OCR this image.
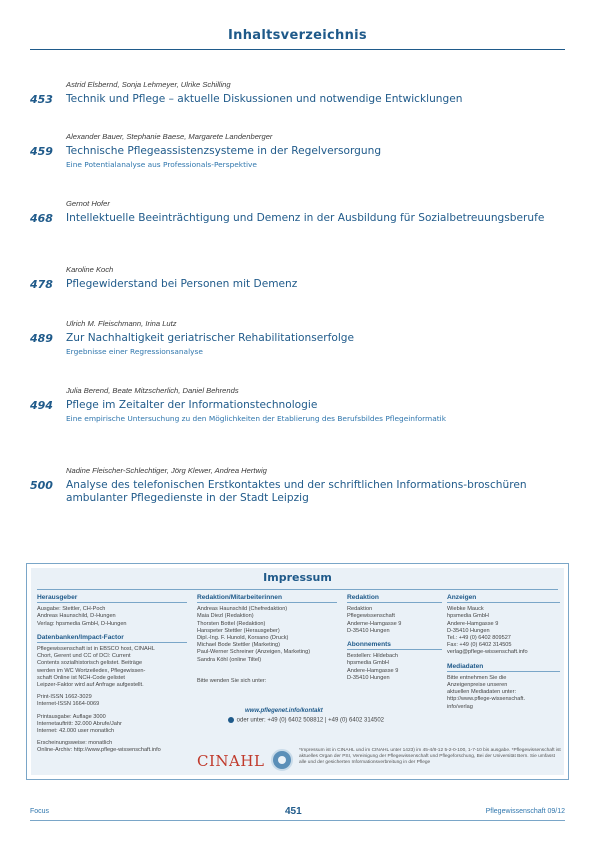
Inhaltsverzeichnis
Astrid Elsbernd, Sonja Lehmeyer, Ulrike Schilling
453	Technik und Pflege – aktuelle Diskussionen und notwendige Entwicklungen
Alexander Bauer, Stephanie Baese, Margarete Landenberger
459	Technische Pflegeassistenzsysteme in der Regelversorgung
Eine Potentialanalyse aus Professionals-Perspektive
Gernot Hofer
468	Intellektuelle Beeinträchtigung und Demenz in der Ausbildung für Sozialbetreuungsberufe
Karoline Koch
478	Pflegewiderstand bei Personen mit Demenz
Ulrich M. Fleischmann, Irina Lutz
489	Zur Nachhaltigkeit geriatrischer Rehabilitationserfolge
Ergebnisse einer Regressionsanalyse
Julia Berend, Beate Mitzscherlich, Daniel Behrends
494	Pflege im Zeitalter der Informationstechnologie
Eine empirische Untersuchung zu den Möglichkeiten der Etablierung des Berufsbildes Pflegeinformatik
Nadine Fleischer-Schlechtiger, Jörg Klewer, Andrea Hertwig
500	Analyse des telefonischen Erstkontaktes und der schriftlichen Informations-broschüren ambulanter Pflegedienste in der Stadt Leipzig
Impressum
Herausgeber

Ausgabe: Stettler, CH-Poch

Andreas Haunschild, D-Hungen

Verlag: hpsmedia GmbH, D-Hungen

Datenbanken/Impact-Factor

Pflegewissenschaft ist in EBSCO host, CINAHL

Chort, Gerent und CC of DCI: Current

Contents sozialhistorisch gelistet. Beiträge

werden im WC Wortzeiledex, Pflegewissen-

schaft Online ist NCH-Code gelistet

Leipzer-Faktor wird auf Anfrage aufgestellt.

Print-ISSN 1662-3029

Internet-ISSN 1664-0069

Printausgabe: Auflage 3000

Internetauftritt: 32.000 Abrufe/Jahr

Internet: 42.000 user monatlich

Erscheinungsweise: monatlich

Online-Archiv: http://www.pflege-wissenschaft.info

Redaktion/Mitarbeiterinnen

Andreas Haunschild (Chefredaktion)

Maia Diezl (Redaktion)

Thorsten Bottel (Redaktion)

Hanspeter Stettler (Herausgeber)

Dipl.-Ing. F. Hunold, Korsano (Druck)

Michael Bode Stettler (Marketing)

Paul-Werner Schreiner (Anzeigen, Marketing)

Sandra Köhl (online Tiltel)

Bitte wenden Sie sich unter:

Redaktion

Redaktion

Pflegewissenschaft

Anderne-Hamgasse 9

D-35410 Hungen

Abonnements

Bestellen: Hildebach

hpsmedia GmbH

Andere-Hamgasse 9

D-35410 Hungen

Anzeigen

Wiebke Mauck

hpsmedia GmbH

Andere-Hamgasse 9

D-35410 Hungen

Tel.: +49 (0) 6402 809527

Fax: +49 (0) 6402 314505

verlag@pflege-wissenschaft.info

Mediadaten

Bitte entnehmen Sie die

Anzeigenpreise unseren

aktuellen Mediadaten unter:

http://www.pflege-wissenschaft.

info/verlag

www.pflegenet.info/kontakt

oder unter: +49 (0) 6402 508812 | +49 (0) 6402 314502

CINAHL
*Impressum ist in CINAHL und im CINAHL unter 1423) im 45-4/8-12 5-2-0-100, 1-7-10 bis ausgabe. *Pflegewissenschaft ist aktuelles Organ der PSI, Vereinigung der Pflegewissenschaft und Pflegeforschung, Bei der Universität Bern. Sie umfasst alle und der gesicherten Informationsverbreitung in der Pflege
Focus	451	Pflegewissenschaft 09/12
